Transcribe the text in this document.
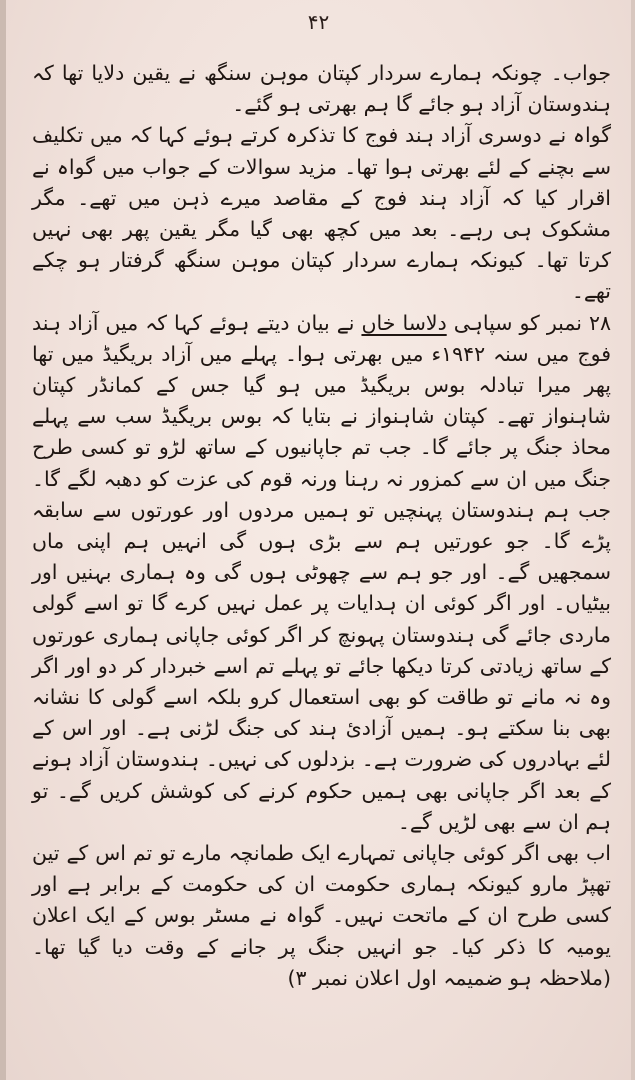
۴۲

جواب۔ چونکہ ہمارے سردار کپتان موہن سنگھ نے یقین دلایا تھا کہ ہندوستان آزاد ہو جائے گا ہم بھرتی ہو گئے۔

گواہ نے دوسری آزاد ہند فوج کا تذکرہ کرتے ہوئے کہا کہ میں تکلیف سے بچنے کے لئے بھرتی ہوا تھا۔ مزید سوالات کے جواب میں گواہ نے اقرار کیا کہ آزاد ہند فوج کے مقاصد میرے ذہن میں تھے۔ مگر مشکوک ہی رہے۔ بعد میں کچھ بھی گیا مگر یقین پھر بھی نہیں کرتا تھا۔ کیونکہ ہمارے سردار کپتان موہن سنگھ گرفتار ہو چکے تھے۔

۲۸ نمبر کو سپاہی دلاسا خاں نے بیان دیتے ہوئے کہا کہ میں آزاد ہند فوج میں سنہ ۱۹۴۲ء میں بھرتی ہوا۔ پہلے میں آزاد بریگیڈ میں تھا پھر میرا تبادلہ بوس بریگیڈ میں ہو گیا جس کے کمانڈر کپتان شاہنواز تھے۔ کپتان شاہنواز نے بتایا کہ بوس بریگیڈ سب سے پہلے محاذ جنگ پر جائے گا۔ جب تم جاپانیوں کے ساتھ لڑو تو کسی طرح جنگ میں ان سے کمزور نہ رہنا ورنہ قوم کی عزت کو دھبہ لگے گا۔ جب ہم ہندوستان پہنچیں تو ہمیں مردوں اور عورتوں سے سابقہ پڑے گا۔ جو عورتیں ہم سے بڑی ہوں گی انہیں ہم اپنی ماں سمجھیں گے۔ اور جو ہم سے چھوٹی ہوں گی وہ ہماری بہنیں اور بیٹیاں۔ اور اگر کوئی ان ہدایات پر عمل نہیں کرے گا تو اسے گولی ماردی جائے گی ہندوستان پہونچ کر اگر کوئی جاپانی ہماری عورتوں کے ساتھ زیادتی کرتا دیکھا جائے تو پہلے تم اسے خبردار کر دو اور اگر وہ نہ مانے تو طاقت کو بھی استعمال کرو بلکہ اسے گولی کا نشانہ بھی بنا سکتے ہو۔ ہمیں آزادیٔ ہند کی جنگ لڑنی ہے۔ اور اس کے لئے بہادروں کی ضرورت ہے۔ بزدلوں کی نہیں۔ ہندوستان آزاد ہونے کے بعد اگر جاپانی بھی ہمیں حکوم کرنے کی کوشش کریں گے۔ تو ہم ان سے بھی لڑیں گے۔

اب بھی اگر کوئی جاپانی تمہارے ایک طمانچہ مارے تو تم اس کے تین تھپڑ مارو کیونکہ ہماری حکومت ان کی حکومت کے برابر ہے اور کسی طرح ان کے ماتحت نہیں۔ گواہ نے مسٹر بوس کے ایک اعلان یومیہ کا ذکر کیا۔ جو انہیں جنگ پر جانے کے وقت دیا گیا تھا۔ (ملاحظہ ہو ضمیمہ اول اعلان نمبر ۳)
